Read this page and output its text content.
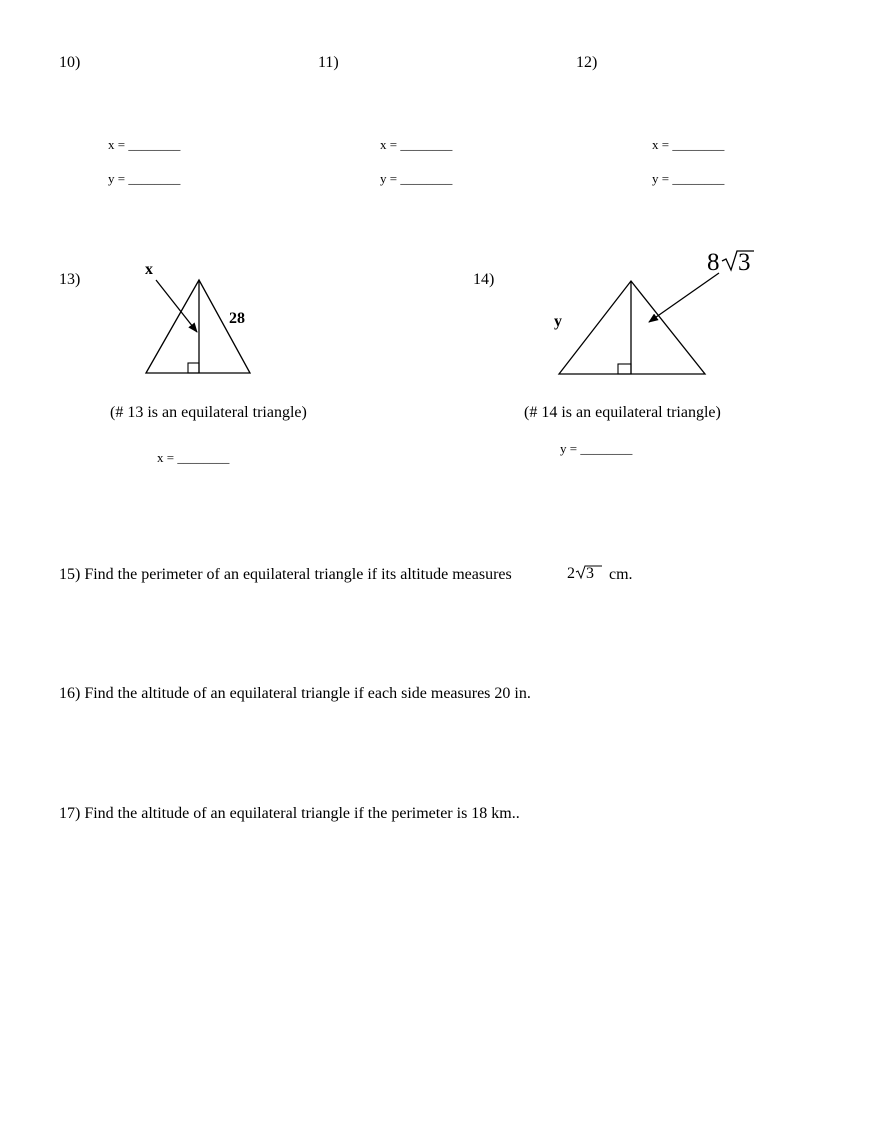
10)	11)	12)
x = ________
y = ________
x = ________
y = ________
x = ________
y = ________
13)
x
28	y
8 3
(# 13 is an equilateral triangle)
x = ________
14)
(# 14 is an equilateral triangle)
y = ________
15) Find the perimeter of an equilateral triangle if its altitude measures	2 3 cm.
16) Find the altitude of an equilateral triangle if each side measures 20 in.
17) Find the altitude of an equilateral triangle if the perimeter is 18 km..
